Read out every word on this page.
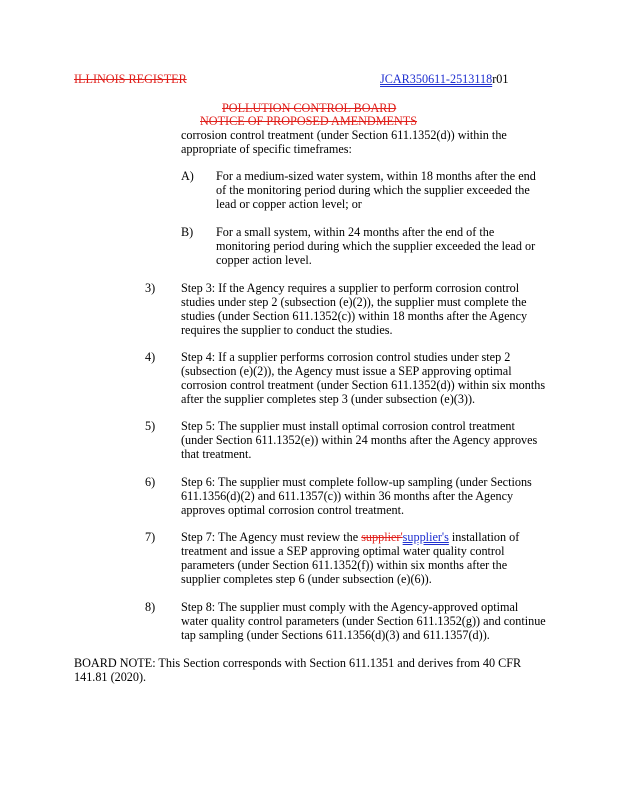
ILLINOIS REGISTER	JCAR350611-2513118r01
POLLUTION CONTROL BOARD
NOTICE OF PROPOSED AMENDMENTS
corrosion control treatment (under Section 611.1352(d)) within the
appropriate of specific timeframes:
A) For a medium-sized water system, within 18 months after the end
of the monitoring period during which the supplier exceeded the
lead or copper action level; or
B) For a small system, within 24 months after the end of the
monitoring period during which the supplier exceeded the lead or
copper action level.
3) Step 3: If the Agency requires a supplier to perform corrosion control
studies under step 2 (subsection (e)(2)), the supplier must complete the
studies (under Section 611.1352(c)) within 18 months after the Agency
requires the supplier to conduct the studies.
4) Step 4: If a supplier performs corrosion control studies under step 2
(subsection (e)(2)), the Agency must issue a SEP approving optimal
corrosion control treatment (under Section 611.1352(d)) within six months
after the supplier completes step 3 (under subsection (e)(3)).
5) Step 5: The supplier must install optimal corrosion control treatment
(under Section 611.1352(e)) within 24 months after the Agency approves
that treatment.
6) Step 6: The supplier must complete follow-up sampling (under Sections
611.1356(d)(2) and 611.1357(c)) within 36 months after the Agency
approves optimal corrosion control treatment.
7) Step 7: The Agency must review the supplier'supplier's installation of
treatment and issue a SEP approving optimal water quality control
parameters (under Section 611.1352(f)) within six months after the
supplier completes step 6 (under subsection (e)(6)).
8) Step 8: The supplier must comply with the Agency-approved optimal
water quality control parameters (under Section 611.1352(g)) and continue
tap sampling (under Sections 611.1356(d)(3) and 611.1357(d)).
BOARD NOTE: This Section corresponds with Section 611.1351 and derives from 40 CFR
141.81 (2020).
